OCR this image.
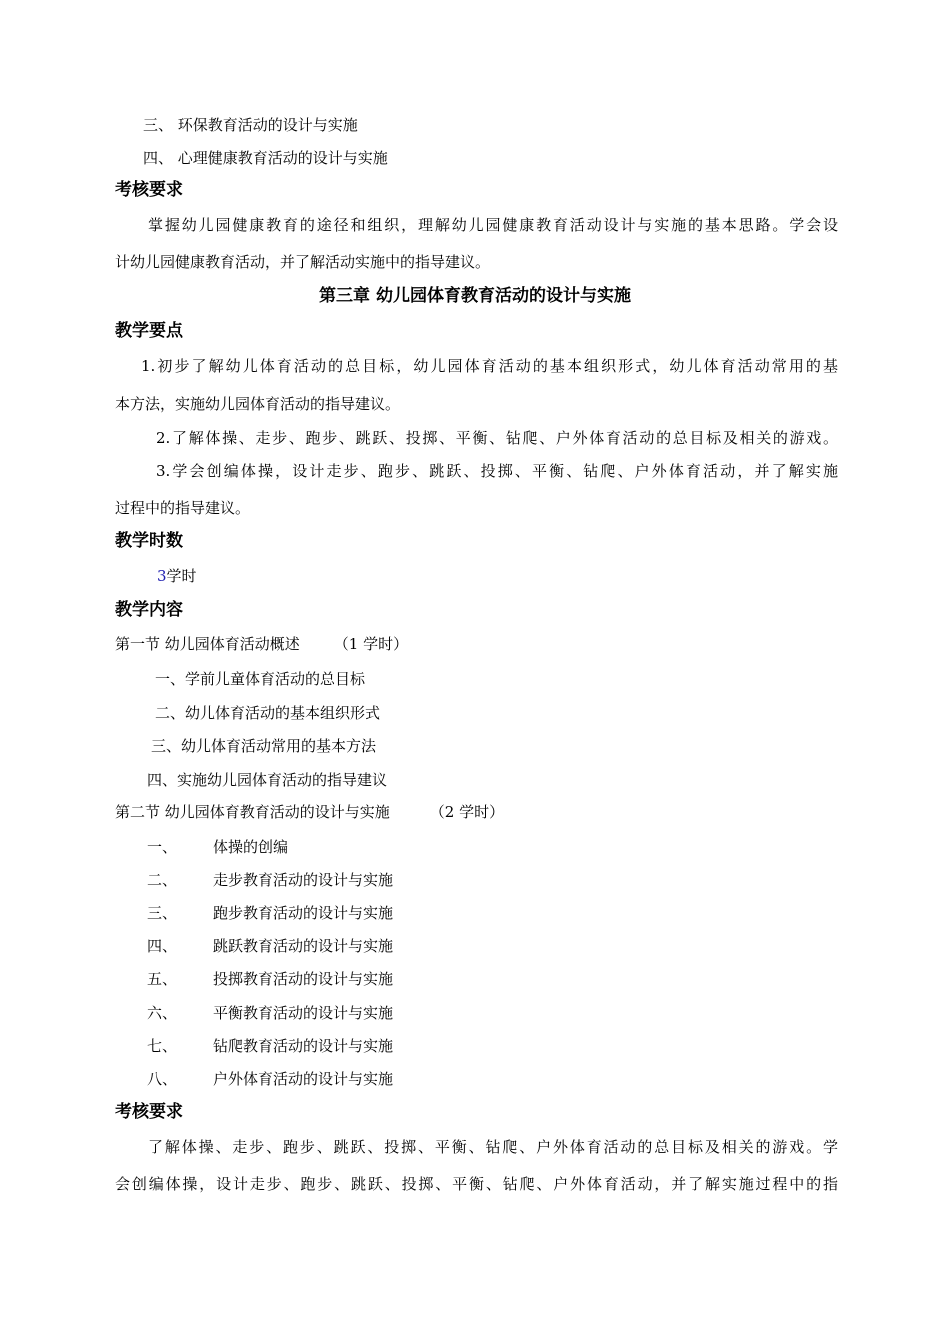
三、 环保教育活动的设计与实施
四、 心理健康教育活动的设计与实施
考核要求
掌握幼儿园健康教育的途径和组织，理解幼儿园健康教育活动设计与实施的基本思路。学会设
计幼儿园健康教育活动，并了解活动实施中的指导建议。
第三章 幼儿园体育教育活动的设计与实施
教学要点
1.初步了解幼儿体育活动的总目标，幼儿园体育活动的基本组织形式，幼儿体育活动常用的基
本方法，实施幼儿园体育活动的指导建议。
2.了解体操、走步、跑步、跳跃、投掷、平衡、钻爬、户外体育活动的总目标及相关的游戏。
3.学会创编体操，设计走步、跑步、跳跃、投掷、平衡、钻爬、户外体育活动，并了解实施
过程中的指导建议。
教学时数
3学时
教学内容
第一节 幼儿园体育活动概述 （1 学时）
一、学前儿童体育活动的总目标
二、幼儿体育活动的基本组织形式
三、幼儿体育活动常用的基本方法
四、实施幼儿园体育活动的指导建议
第二节 幼儿园体育教育活动的设计与实施	（2 学时）
一、 体操的创编
二、 走步教育活动的设计与实施
三、 跑步教育活动的设计与实施
四、 跳跃教育活动的设计与实施
五、 投掷教育活动的设计与实施
六、 平衡教育活动的设计与实施
七、 钻爬教育活动的设计与实施
八、 户外体育活动的设计与实施
考核要求
了解体操、走步、跑步、跳跃、投掷、平衡、钻爬、户外体育活动的总目标及相关的游戏。学
会创编体操，设计走步、跑步、跳跃、投掷、平衡、钻爬、户外体育活动，并了解实施过程中的指
